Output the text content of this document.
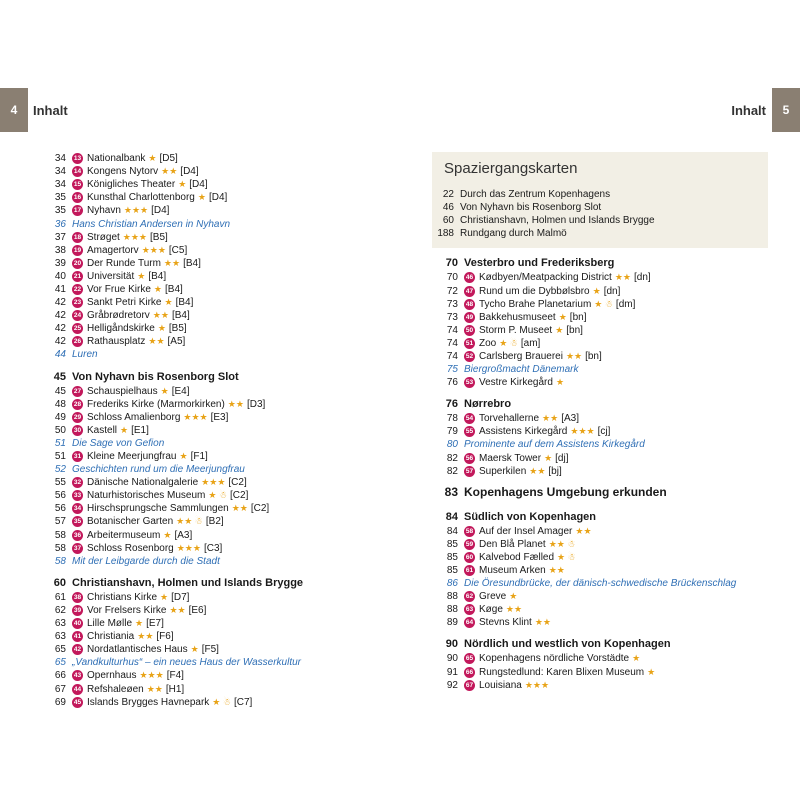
4 Inhalt	Inhalt 5
34	13 Nationalbank ★ [D5]
34	14 Kongens Nytorv ★★ [D4]
34	15 Königliches Theater ★ [D4]
35	16 Kunsthal Charlottenborg ★ [D4]
35	17 Nyhavn ★★★ [D4]
36 Hans Christian Andersen in Nyhavn
37	18 Strøget ★★★ [B5]
38	19 Amagertorv ★★★ [C5]
39	20 Der Runde Turm ★★ [B4]
40	21 Universität ★ [B4]
41	22 Vor Frue Kirke ★ [B4]
42	23 Sankt Petri Kirke ★ [B4]
42	24 Gråbrødretorv ★★ [B4]
42	25 Helligåndskirke ★ [B5]
42	26 Rathausplatz ★★ [A5]
44 Luren
45 Von Nyhavn bis Rosenborg Slot
45	27 Schauspielhaus ★ [E4]
48	28 Frederiks Kirke (Marmorkirken) ★★ [D3]
49	29 Schloss Amalienborg ★★★ [E3]
50	30 Kastell ★ [E1]
51 Die Sage von Gefion
51	31 Kleine Meerjungfrau ★ [F1]
52 Geschichten rund um die Meerjungfrau
55	32 Dänische Nationalgalerie ★★★ [C2]
56	33 Naturhistorisches Museum ★ ☃ [C2]
56	34 Hirschsprungsche Sammlungen ★★ [C2]
57	35 Botanischer Garten ★★ ☃ [B2]
58	36 Arbeitermuseum ★ [A3]
58	37 Schloss Rosenborg ★★★ [C3]
58 Mit der Leibgarde durch die Stadt
60 Christianshavn, Holmen und Islands Brygge
61	38 Christians Kirke ★ [D7]
62	39 Vor Frelsers Kirke ★★ [E6]
63	40 Lille Mølle ★ [E7]
63	41 Christiania ★★ [F6]
65	42 Nordatlantisches Haus ★ [F5]
65 „Vandkulturhus“ – ein neues Haus der Wasserkultur
66	43 Opernhaus ★★★ [F4]
67	44 Refshaleøen ★★ [H1]
69	45 Islands Brygges Havnepark ★ ☃ [C7]
Spaziergangskarten
22 Durch das Zentrum Kopenhagens
46 Von Nyhavn bis Rosenborg Slot
60 Christianshavn, Holmen und Islands Brygge
188 Rundgang durch Malmö
70 Vesterbro und Frederiksberg
70	46 Kødbyen/Meatpacking District ★★ [dn]
72	47 Rund um die Dybbølsbro ★ [dn]
73	48 Tycho Brahe Planetarium ★ ☃ [dm]
73	49 Bakkehusmuseet ★ [bn]
74	50 Storm P. Museet ★ [bn]
74	51 Zoo ★ ☃ [am]
74	52 Carlsberg Brauerei ★★ [bn]
75 Biergroßmacht Dänemark
76	53 Vestre Kirkegård ★
76 Nørrebro
78	54 Torvehallerne ★★ [A3]
79	55 Assistens Kirkegård ★★★ [cj]
80 Prominente auf dem Assistens Kirkegård
82	56 Maersk Tower ★ [dj]
82	57 Superkilen ★★ [bj]
83 Kopenhagens Umgebung erkunden
84 Südlich von Kopenhagen
84	58 Auf der Insel Amager ★★
85	59 Den Blå Planet ★★ ☃
85	60 Kalvebod Fælled ★ ☃
85	61 Museum Arken ★★
86 Die Öresundbrücke, der dänisch-schwedische Brückenschlag
88	62 Greve ★
88	63 Køge ★★
89	64 Stevns Klint ★★
90 Nördlich und westlich von Kopenhagen
90	65 Kopenhagens nördliche Vorstädte ★
91	66 Rungstedlund: Karen Blixen Museum ★
92	67 Louisiana ★★★
